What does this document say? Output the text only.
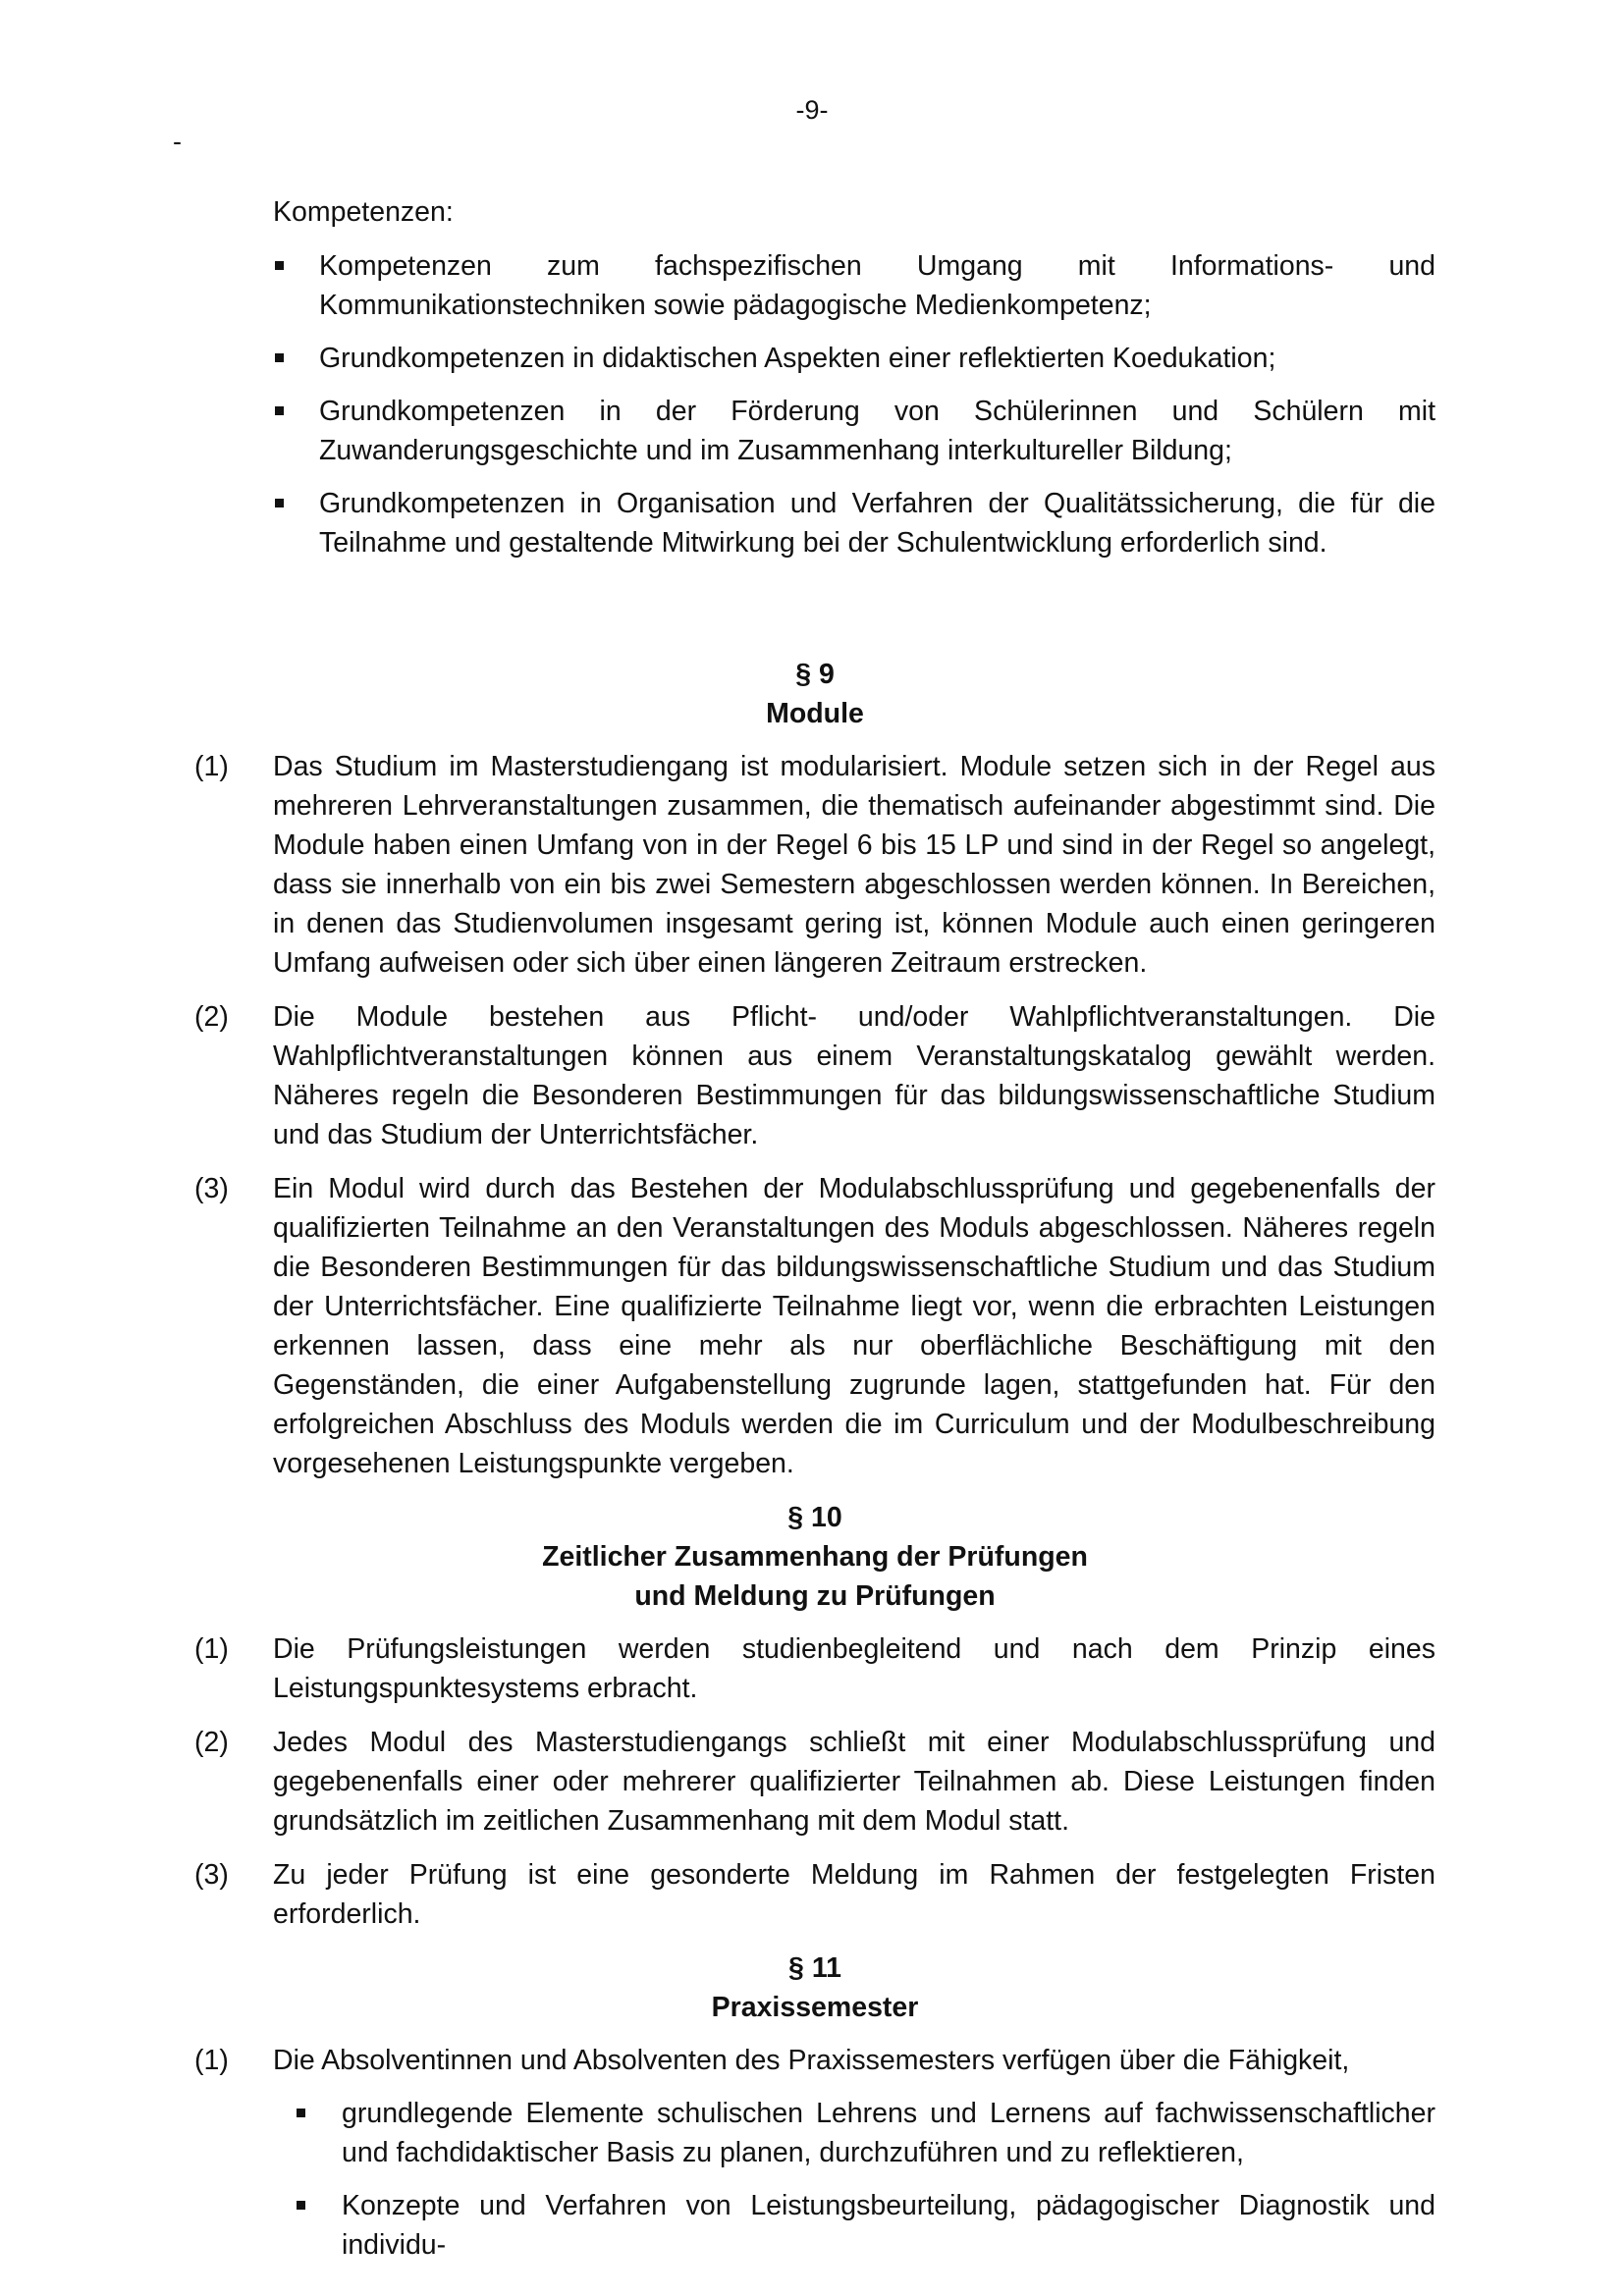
-9-
-

Kompetenzen:

Kompetenzen zum fachspezifischen Umgang mit Informations- und Kommunikationstechniken sowie pädagogische Medienkompetenz;
Grundkompetenzen in didaktischen Aspekten einer reflektierten Koedukation;
Grundkompetenzen in der Förderung von Schülerinnen und Schülern mit Zuwanderungsgeschichte und im Zusammenhang interkultureller Bildung;
Grundkompetenzen in Organisation und Verfahren der Qualitätssicherung, die für die Teilnahme und gestaltende Mitwirkung bei der Schulentwicklung erforderlich sind.
§ 9
Module
(1) Das Studium im Masterstudiengang ist modularisiert. Module setzen sich in der Regel aus mehreren Lehrveranstaltungen zusammen, die thematisch aufeinander abgestimmt sind. Die Module haben einen Umfang von in der Regel 6 bis 15 LP und sind in der Regel so angelegt, dass sie innerhalb von ein bis zwei Semestern abgeschlossen werden können. In Bereichen, in denen das Studienvolumen insgesamt gering ist, können Module auch einen geringeren Umfang aufweisen oder sich über einen längeren Zeitraum erstrecken.
(2) Die Module bestehen aus Pflicht- und/oder Wahlpflichtveranstaltungen. Die Wahlpflichtveranstaltungen können aus einem Veranstaltungskatalog gewählt werden. Näheres regeln die Besonderen Bestimmungen für das bildungswissenschaftliche Studium und das Studium der Unterrichtsfächer.
(3) Ein Modul wird durch das Bestehen der Modulabschlussprüfung und gegebenenfalls der qualifizierten Teilnahme an den Veranstaltungen des Moduls abgeschlossen. Näheres regeln die Besonderen Bestimmungen für das bildungswissenschaftliche Studium und das Studium der Unterrichtsfächer. Eine qualifizierte Teilnahme liegt vor, wenn die erbrachten Leistungen erkennen lassen, dass eine mehr als nur oberflächliche Beschäftigung mit den Gegenständen, die einer Aufgabenstellung zugrunde lagen, stattgefunden hat. Für den erfolgreichen Abschluss des Moduls werden die im Curriculum und der Modulbeschreibung vorgesehenen Leistungspunkte vergeben.
§ 10
Zeitlicher Zusammenhang der Prüfungen
und Meldung zu Prüfungen
(1) Die Prüfungsleistungen werden studienbegleitend und nach dem Prinzip eines Leistungspunktesystems erbracht.
(2) Jedes Modul des Masterstudiengangs schließt mit einer Modulabschlussprüfung und gegebenenfalls einer oder mehrerer qualifizierter Teilnahmen ab. Diese Leistungen finden grundsätzlich im zeitlichen Zusammenhang mit dem Modul statt.
(3) Zu jeder Prüfung ist eine gesonderte Meldung im Rahmen der festgelegten Fristen erforderlich.
§ 11
Praxissemester
(1) Die Absolventinnen und Absolventen des Praxissemesters verfügen über die Fähigkeit,
grundlegende Elemente schulischen Lehrens und Lernens auf fachwissenschaftlicher und fachdidaktischer Basis zu planen, durchzuführen und zu reflektieren,
Konzepte und Verfahren von Leistungsbeurteilung, pädagogischer Diagnostik und individu-
